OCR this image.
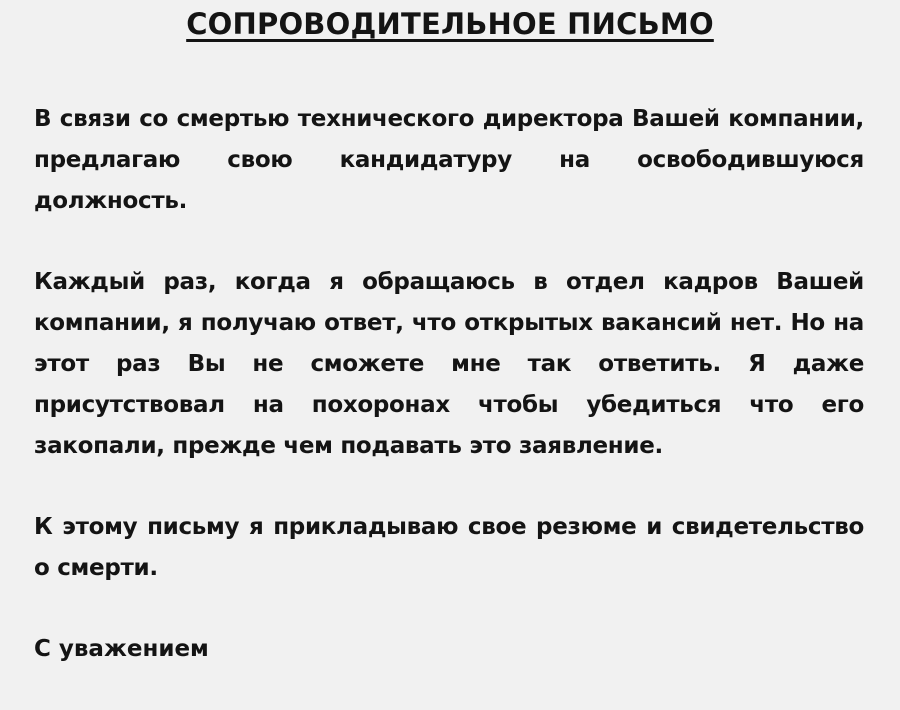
СОПРОВОДИТЕЛЬНОЕ ПИСЬМО

В связи со смертью технического директора Вашей компании, предлагаю свою кандидатуру на освободившуюся должность.

Каждый раз, когда я обращаюсь в отдел кадров Вашей компании, я получаю ответ, что открытых вакансий нет. Но на этот раз Вы не сможете мне так ответить. Я даже присутствовал на похоронах чтобы убедиться что его закопали, прежде чем подавать это заявление.

К этому письму я прикладываю свое резюме и свидетельство о смерти.

С уважением
